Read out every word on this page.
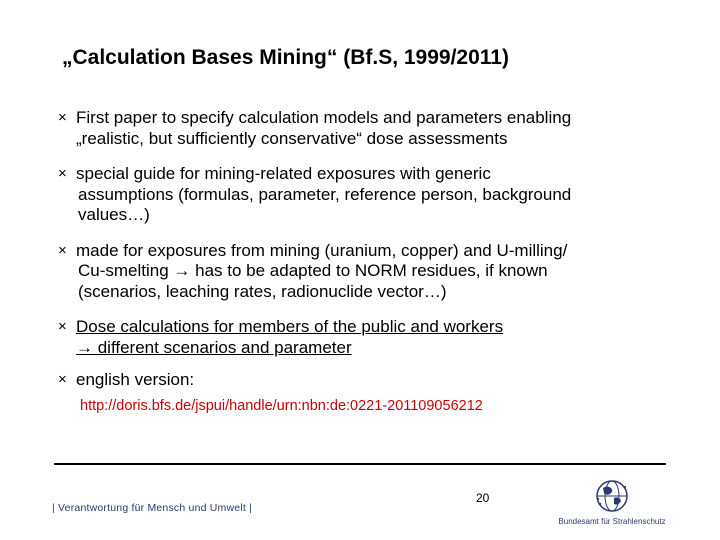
„Calculation Bases Mining“ (Bf.S, 1999/2011)
× First paper to specify calculation models and parameters enabling
„realistic, but sufficiently conservative“ dose assessments
× special guide for mining-related exposures with generic
assumptions (formulas, parameter, reference person, background
values…)
× made for exposures from mining (uranium, copper) and U-milling/
Cu-smelting → has to be adapted to NORM residues, if known
(scenarios, leaching rates, radionuclide vector…)
× Dose calculations for members of the public and workers
→ different scenarios and parameter
× english version:
http://doris.bfs.de/jspui/handle/urn:nbn:de:0221-201109056212
| Verantwortung für Mensch und Umwelt |
20
Bundesamt für Strahlenschutz
